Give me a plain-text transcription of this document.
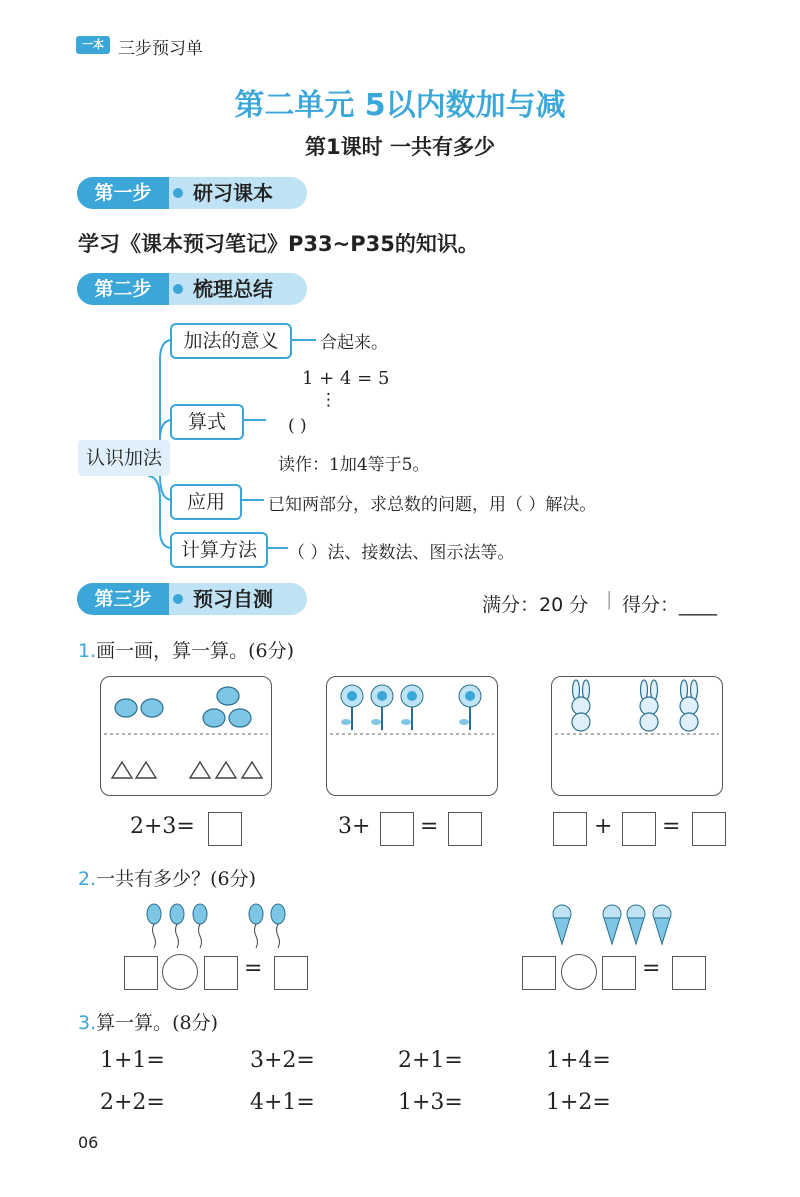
一本 三步预习单
第二单元 5以内数加与减
第1课时 一共有多少
第一步	研习课本
学习《课本预习笔记》P33~P35的知识。
第二步	梳理总结
认识加法
加法的意义	合起来。
1 + 4 = 5
⋮
算式	( )
读作：1加4等于5。
应用	已知两部分，求总数的问题，用（ ）解决。
计算方法	（ ）法、接数法、图示法等。
第三步	预习自测	满分：20 分 | 得分：____
1.画一画，算一算。(6分)
2+3=	3+ =	+ =
2.一共有多少？(6分)
=	=
3.算一算。(8分)
1+1=	3+2=	2+1=	1+4=
2+2=	4+1=	1+3=	1+2=
06
